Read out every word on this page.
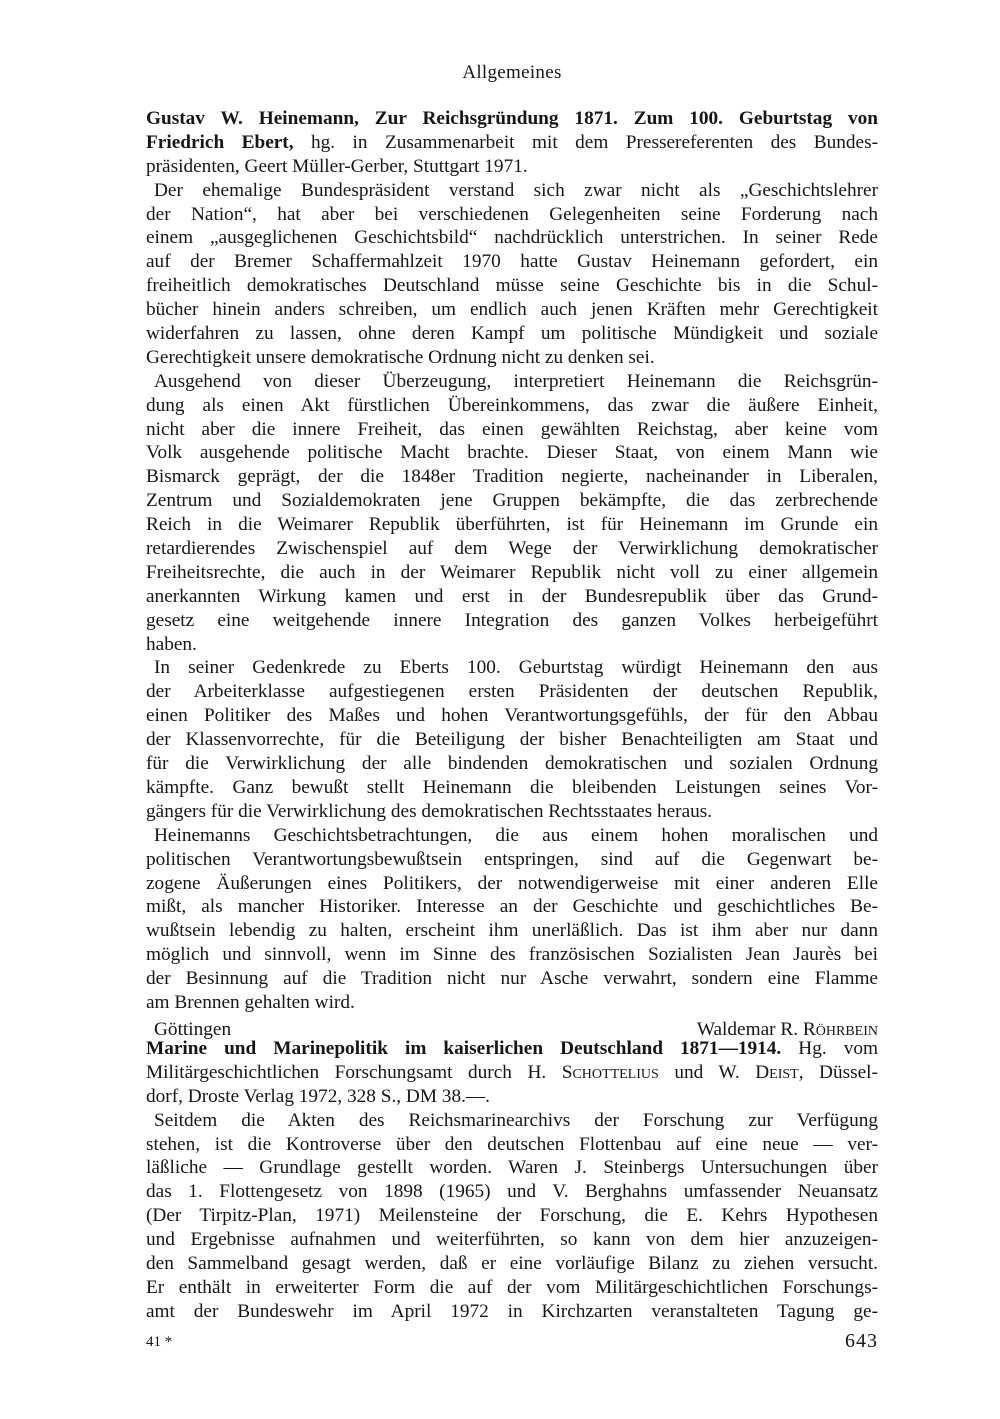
Allgemeines
Gustav W. Heinemann, Zur Reichsgründung 1871. Zum 100. Geburtstag von
Friedrich Ebert, hg. in Zusammenarbeit mit dem Pressereferenten des Bundes-
präsidenten, Geert Müller-Gerber, Stuttgart 1971.
Der ehemalige Bundespräsident verstand sich zwar nicht als „Geschichtslehrer
der Nation“, hat aber bei verschiedenen Gelegenheiten seine Forderung nach
einem „ausgeglichenen Geschichtsbild“ nachdrücklich unterstrichen. In seiner Rede
auf der Bremer Schaffermahlzeit 1970 hatte Gustav Heinemann gefordert, ein
freiheitlich demokratisches Deutschland müsse seine Geschichte bis in die Schul-
bücher hinein anders schreiben, um endlich auch jenen Kräften mehr Gerechtigkeit
widerfahren zu lassen, ohne deren Kampf um politische Mündigkeit und soziale
Gerechtigkeit unsere demokratische Ordnung nicht zu denken sei.
Ausgehend von dieser Überzeugung, interpretiert Heinemann die Reichsgrün-
dung als einen Akt fürstlichen Übereinkommens, das zwar die äußere Einheit,
nicht aber die innere Freiheit, das einen gewählten Reichstag, aber keine vom
Volk ausgehende politische Macht brachte. Dieser Staat, von einem Mann wie
Bismarck geprägt, der die 1848er Tradition negierte, nacheinander in Liberalen,
Zentrum und Sozialdemokraten jene Gruppen bekämpfte, die das zerbrechende
Reich in die Weimarer Republik überführten, ist für Heinemann im Grunde ein
retardierendes Zwischenspiel auf dem Wege der Verwirklichung demokratischer
Freiheitsrechte, die auch in der Weimarer Republik nicht voll zu einer allgemein
anerkannten Wirkung kamen und erst in der Bundesrepublik über das Grund-
gesetz eine weitgehende innere Integration des ganzen Volkes herbeigeführt
haben.
In seiner Gedenkrede zu Eberts 100. Geburtstag würdigt Heinemann den aus
der Arbeiterklasse aufgestiegenen ersten Präsidenten der deutschen Republik,
einen Politiker des Maßes und hohen Verantwortungsgefühls, der für den Abbau
der Klassenvorrechte, für die Beteiligung der bisher Benachteiligten am Staat und
für die Verwirklichung der alle bindenden demokratischen und sozialen Ordnung
kämpfte. Ganz bewußt stellt Heinemann die bleibenden Leistungen seines Vor-
gängers für die Verwirklichung des demokratischen Rechtsstaates heraus.
Heinemanns Geschichtsbetrachtungen, die aus einem hohen moralischen und
politischen Verantwortungsbewußtsein entspringen, sind auf die Gegenwart be-
zogene Äußerungen eines Politikers, der notwendigerweise mit einer anderen Elle
mißt, als mancher Historiker. Interesse an der Geschichte und geschichtliches Be-
wußtsein lebendig zu halten, erscheint ihm unerläßlich. Das ist ihm aber nur dann
möglich und sinnvoll, wenn im Sinne des französischen Sozialisten Jean Jaurès bei
der Besinnung auf die Tradition nicht nur Asche verwahrt, sondern eine Flamme
am Brennen gehalten wird.
Göttingen	Waldemar R. Röhrbein
Marine und Marinepolitik im kaiserlichen Deutschland 1871—1914. Hg. vom
Militärgeschichtlichen Forschungsamt durch H. Schottelius und W. Deist, Düssel-
dorf, Droste Verlag 1972, 328 S., DM 38.—.
Seitdem die Akten des Reichsmarinearchivs der Forschung zur Verfügung
stehen, ist die Kontroverse über den deutschen Flottenbau auf eine neue — ver-
läßliche — Grundlage gestellt worden. Waren J. Steinbergs Untersuchungen über
das 1. Flottengesetz von 1898 (1965) und V. Berghahns umfassender Neuansatz
(Der Tirpitz-Plan, 1971) Meilensteine der Forschung, die E. Kehrs Hypothesen
und Ergebnisse aufnahmen und weiterführten, so kann von dem hier anzuzeigen-
den Sammelband gesagt werden, daß er eine vorläufige Bilanz zu ziehen versucht.
Er enthält in erweiterter Form die auf der vom Militärgeschichtlichen Forschungs-
amt der Bundeswehr im April 1972 in Kirchzarten veranstalteten Tagung ge-
41 *	643
